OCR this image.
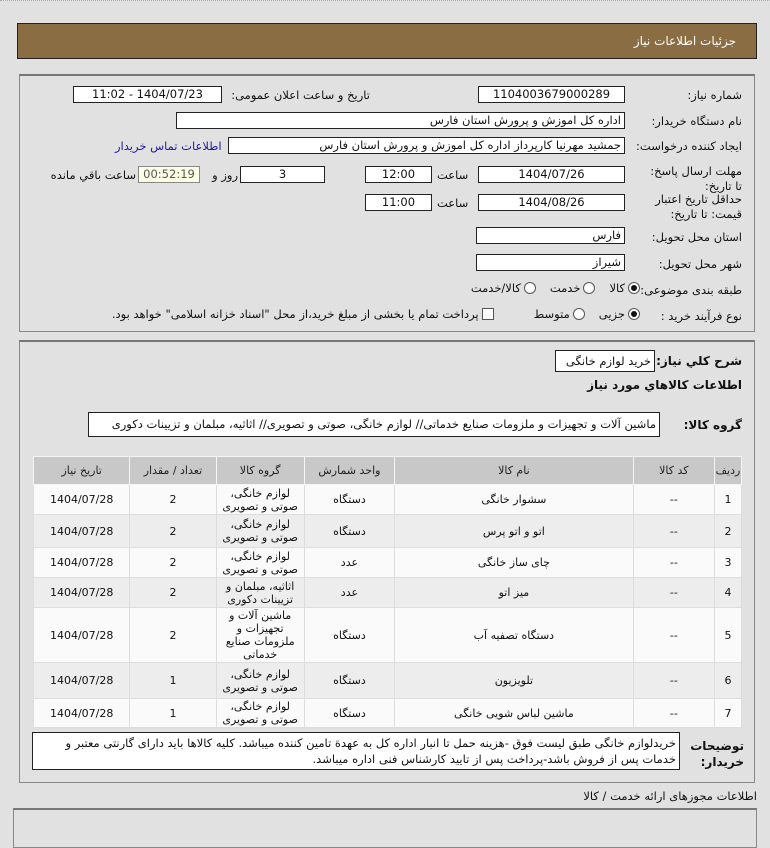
جزئیات اطلاعات نیاز
شماره نیاز:
1104003679000289
تاریخ و ساعت اعلان عمومی:
1404/07/23 - 11:02
نام دستگاه خریدار:
اداره کل اموزش و پرورش استان فارس
ایجاد کننده درخواست:
جمشید مهرنیا کارپرداز اداره کل اموزش و پرورش استان فارس
اطلاعات تماس خریدار
مهلت ارسال پاسخ: تا تاریخ:
1404/07/26
ساعت
12:00
3
روز و
00:52:19
ساعت باقي مانده
حداقل تاریخ اعتبار قیمت: تا تاریخ:
1404/08/26
ساعت
11:00
استان محل تحویل:
فارس
شهر محل تحویل:
شیراز
طبقه بندی موضوعی:
کالا
خدمت
کالا/خدمت
نوع فرآیند خرید :
جزیی
متوسط
پرداخت تمام یا بخشی از مبلغ خرید،از محل "اسناد خزانه اسلامی" خواهد بود.
شرح کلي نیاز:
خرید لوازم خانگی
اطلاعات کالاهاي مورد نیاز
گروه کالا:
ماشین آلات و تجهیزات و ملزومات صنایع خدماتی// لوازم خانگی، صوتی و تصویری// اثاثیه، مبلمان و تزیینات دکوری
ردیف	کد کالا	نام کالا	واحد شمارش	گروه کالا	تعداد / مقدار	تاریخ نیاز
1	--	سشوار خانگی	دستگاه	لوازم خانگی، صوتی و تصویری	2	1404/07/28
2	--	اتو و اتو پرس	دستگاه	لوازم خانگی، صوتی و تصویری	2	1404/07/28
3	--	چای ساز خانگی	عدد	لوازم خانگی، صوتی و تصویری	2	1404/07/28
4	--	میز اتو	عدد	اثاثیه، مبلمان و تزیینات دکوری	2	1404/07/28
5	--	دستگاه تصفیه آب	دستگاه	ماشین آلات و تجهیزات و ملزومات صنایع خدماتی	2	1404/07/28
6	--	تلویزیون	دستگاه	لوازم خانگی، صوتی و تصویری	1	1404/07/28
7	--	ماشین لباس شویی خانگی	دستگاه	لوازم خانگی، صوتی و تصویری	1	1404/07/28
توضیحات خریدار:
خریدلوازم خانگی طبق لیست فوق -هزینه حمل تا انبار اداره کل به عهدة تامین کننده میباشد. کلیه کالاها باید دارای گارنتی معتبر و خدمات پس از فروش باشد-پرداخت پس از تایید کارشناس فنی اداره میباشد.
اطلاعات مجوزهای ارائه خدمت / کالا
